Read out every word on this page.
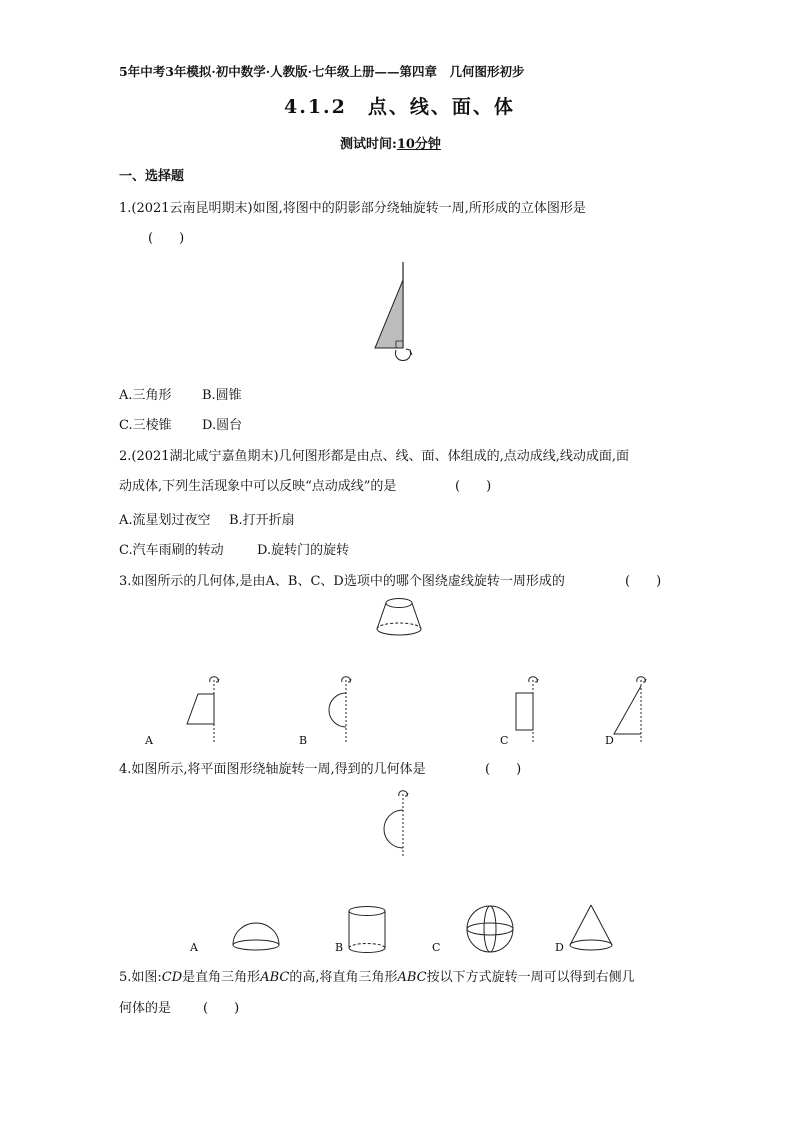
5年中考3年模拟·初中数学·人教版·七年级上册——第四章　几何图形初步
4.1.2　点、线、面、体
测试时间:10分钟
一、选择题
1.(2021云南昆明期末)如图,将图中的阴影部分绕轴旋转一周,所形成的立体图形是
(　　)
A.三角形 B.圆锥
C.三棱锥 D.圆台
2.(2021湖北咸宁嘉鱼期末)几何图形都是由点、线、面、体组成的,点动成线,线动成面,面
动成体,下列生活现象中可以反映“点动成线”的是	(　　)
A.流星划过夜空 B.打开折扇
C.汽车雨刷的转动	D.旋转门的旋转
3.如图所示的几何体,是由A、B、C、D选项中的哪个图绕虚线旋转一周形成的	(　　)
A	B	C	D
4.如图所示,将平面图形绕轴旋转一周,得到的几何体是	(　　)
A	B	C	D
5.如图:CD是直角三角形ABC的高,将直角三角形ABC按以下方式旋转一周可以得到右侧几
何体的是 (　　)
